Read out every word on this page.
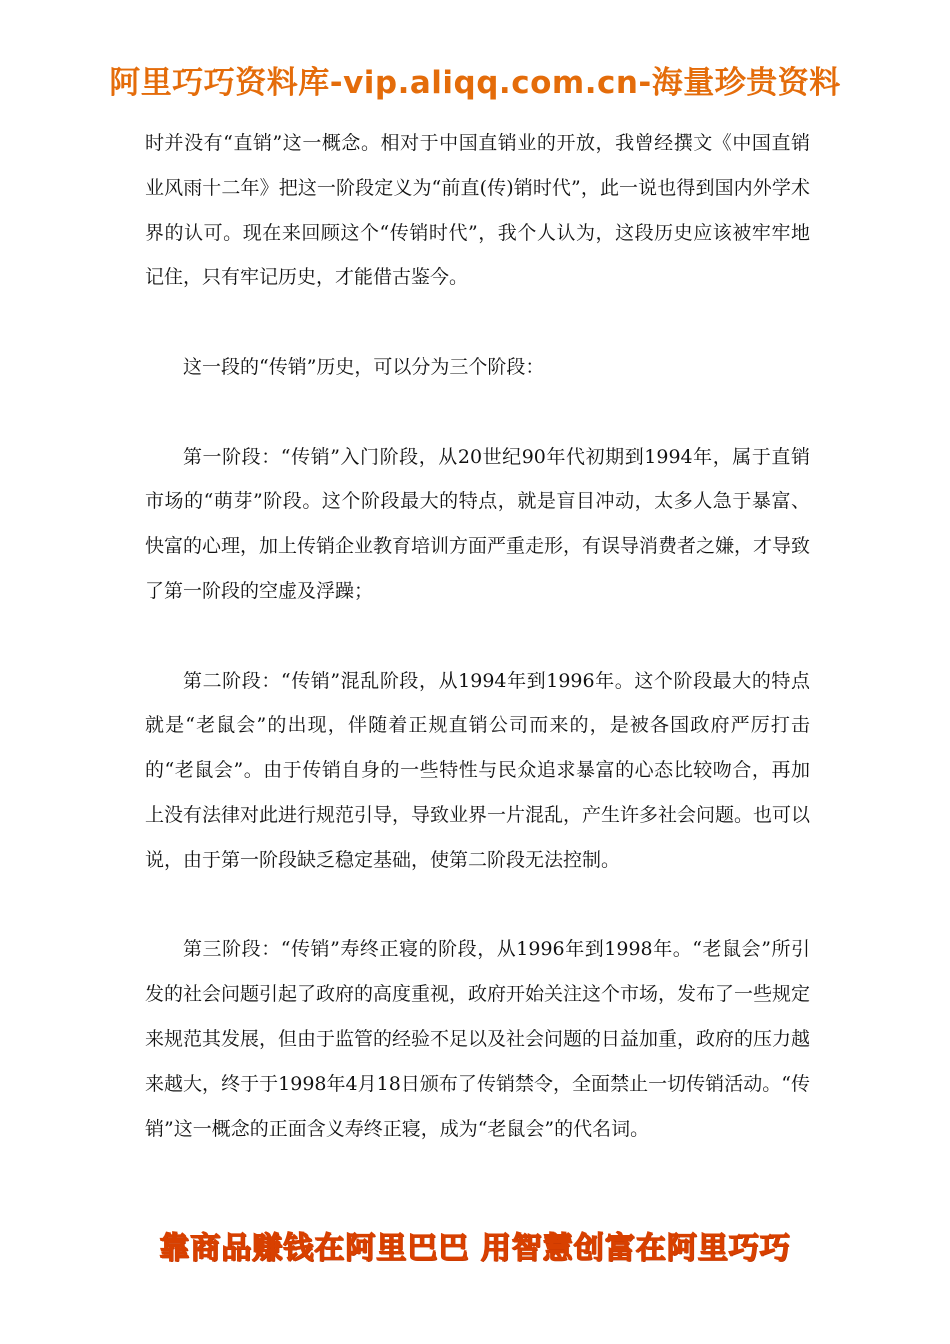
阿里巧巧资料库-vip.aliqq.com.cn-海量珍贵资料

时并没有“直销”这一概念。相对于中国直销业的开放，我曾经撰文《中国直销业风雨十二年》把这一阶段定义为“前直(传)销时代”，此一说也得到国内外学术界的认可。现在来回顾这个“传销时代”，我个人认为，这段历史应该被牢牢地记住，只有牢记历史，才能借古鉴今。

这一段的“传销”历史，可以分为三个阶段：

第一阶段：“传销”入门阶段，从20世纪90年代初期到1994年，属于直销市场的“萌芽”阶段。这个阶段最大的特点，就是盲目冲动，太多人急于暴富、快富的心理，加上传销企业教育培训方面严重走形，有误导消费者之嫌，才导致了第一阶段的空虚及浮躁；

第二阶段：“传销”混乱阶段，从1994年到1996年。这个阶段最大的特点就是“老鼠会”的出现，伴随着正规直销公司而来的，是被各国政府严厉打击的“老鼠会”。由于传销自身的一些特性与民众追求暴富的心态比较吻合，再加上没有法律对此进行规范引导，导致业界一片混乱，产生许多社会问题。也可以说，由于第一阶段缺乏稳定基础，使第二阶段无法控制。

第三阶段：“传销”寿终正寝的阶段，从1996年到1998年。“老鼠会”所引发的社会问题引起了政府的高度重视，政府开始关注这个市场，发布了一些规定来规范其发展，但由于监管的经验不足以及社会问题的日益加重，政府的压力越来越大，终于于1998年4月18日颁布了传销禁令，全面禁止一切传销活动。“传销”这一概念的正面含义寿终正寝，成为“老鼠会”的代名词。

靠商品赚钱在阿里巴巴 用智慧创富在阿里巧巧
